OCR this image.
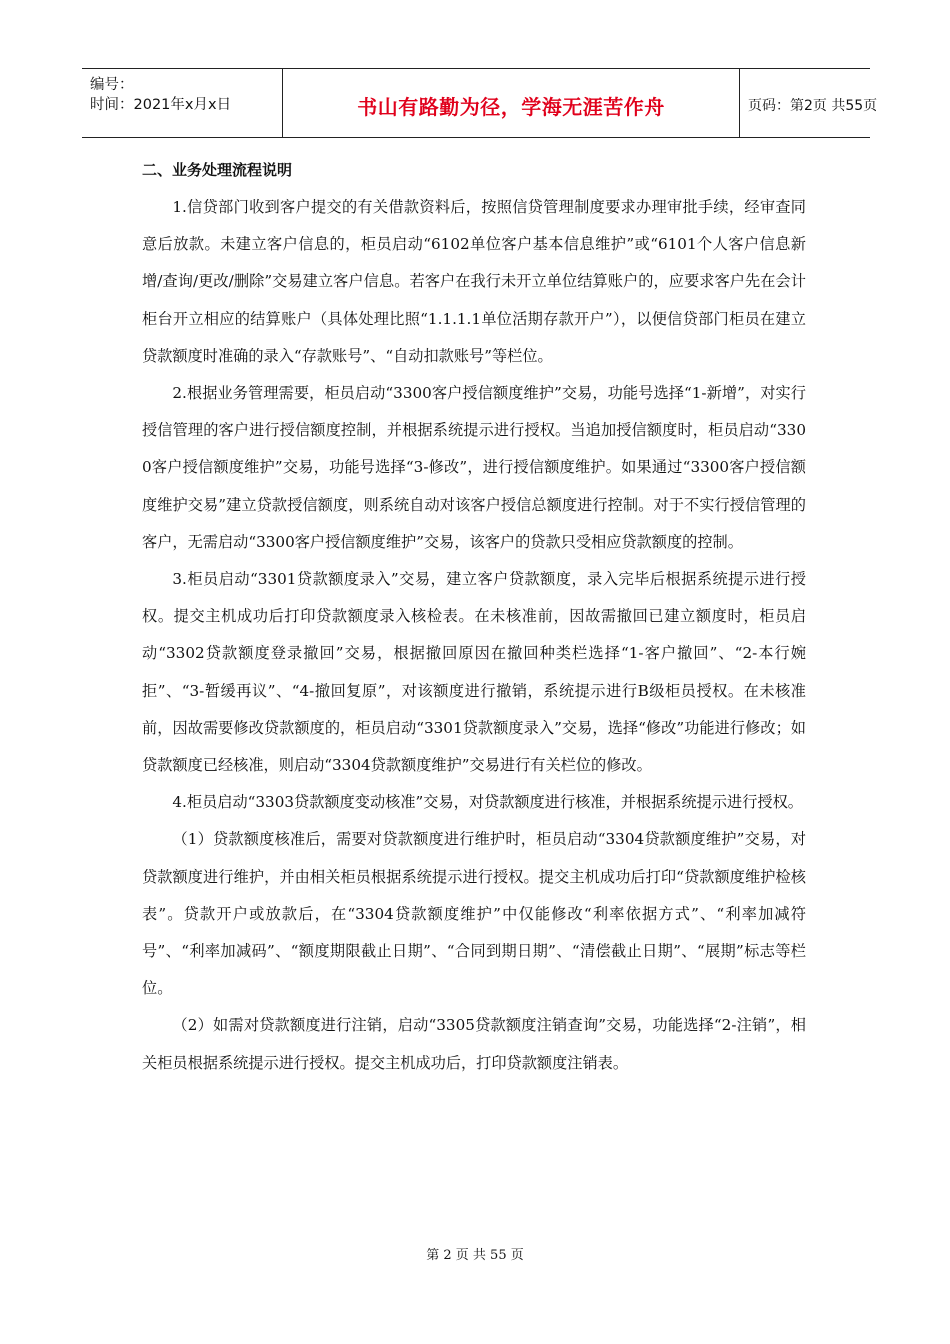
编号：
时间：2021年x月x日	书山有路勤为径，学海无涯苦作舟	页码：第2页 共55页

二、业务处理流程说明

1.信贷部门收到客户提交的有关借款资料后，按照信贷管理制度要求办理审批手续，经审查同意后放款。未建立客户信息的，柜员启动“6102单位客户基本信息维护”或“6101个人客户信息新增/查询/更改/删除”交易建立客户信息。若客户在我行未开立单位结算账户的，应要求客户先在会计柜台开立相应的结算账户（具体处理比照“1.1.1.1单位活期存款开户”），以便信贷部门柜员在建立贷款额度时准确的录入“存款账号”、“自动扣款账号”等栏位。

2.根据业务管理需要，柜员启动“3300客户授信额度维护”交易，功能号选择“1-新增”，对实行授信管理的客户进行授信额度控制，并根据系统提示进行授权。当追加授信额度时，柜员启动“3300客户授信额度维护”交易，功能号选择“3-修改”，进行授信额度维护。如果通过“3300客户授信额度维护交易”建立贷款授信额度，则系统自动对该客户授信总额度进行控制。对于不实行授信管理的客户，无需启动“3300客户授信额度维护”交易，该客户的贷款只受相应贷款额度的控制。

3.柜员启动“3301贷款额度录入”交易，建立客户贷款额度，录入完毕后根据系统提示进行授权。提交主机成功后打印贷款额度录入核检表。在未核准前，因故需撤回已建立额度时，柜员启动“3302贷款额度登录撤回”交易，根据撤回原因在撤回种类栏选择“1-客户撤回”、“2-本行婉拒”、“3-暂缓再议”、“4-撤回复原”，对该额度进行撤销，系统提示进行B级柜员授权。在未核准前，因故需要修改贷款额度的，柜员启动“3301贷款额度录入”交易，选择“修改”功能进行修改；如贷款额度已经核准，则启动“3304贷款额度维护”交易进行有关栏位的修改。

4.柜员启动“3303贷款额度变动核准”交易，对贷款额度进行核准，并根据系统提示进行授权。

（1）贷款额度核准后，需要对贷款额度进行维护时，柜员启动“3304贷款额度维护”交易，对贷款额度进行维护，并由相关柜员根据系统提示进行授权。提交主机成功后打印“贷款额度维护检核表”。贷款开户或放款后，在“3304贷款额度维护”中仅能修改“利率依据方式”、“利率加减符号”、“利率加减码”、“额度期限截止日期”、“合同到期日期”、“清偿截止日期”、“展期”标志等栏位。

（2）如需对贷款额度进行注销，启动“3305贷款额度注销查询”交易，功能选择“2-注销”，相关柜员根据系统提示进行授权。提交主机成功后，打印贷款额度注销表。

第 2 页 共 55 页
